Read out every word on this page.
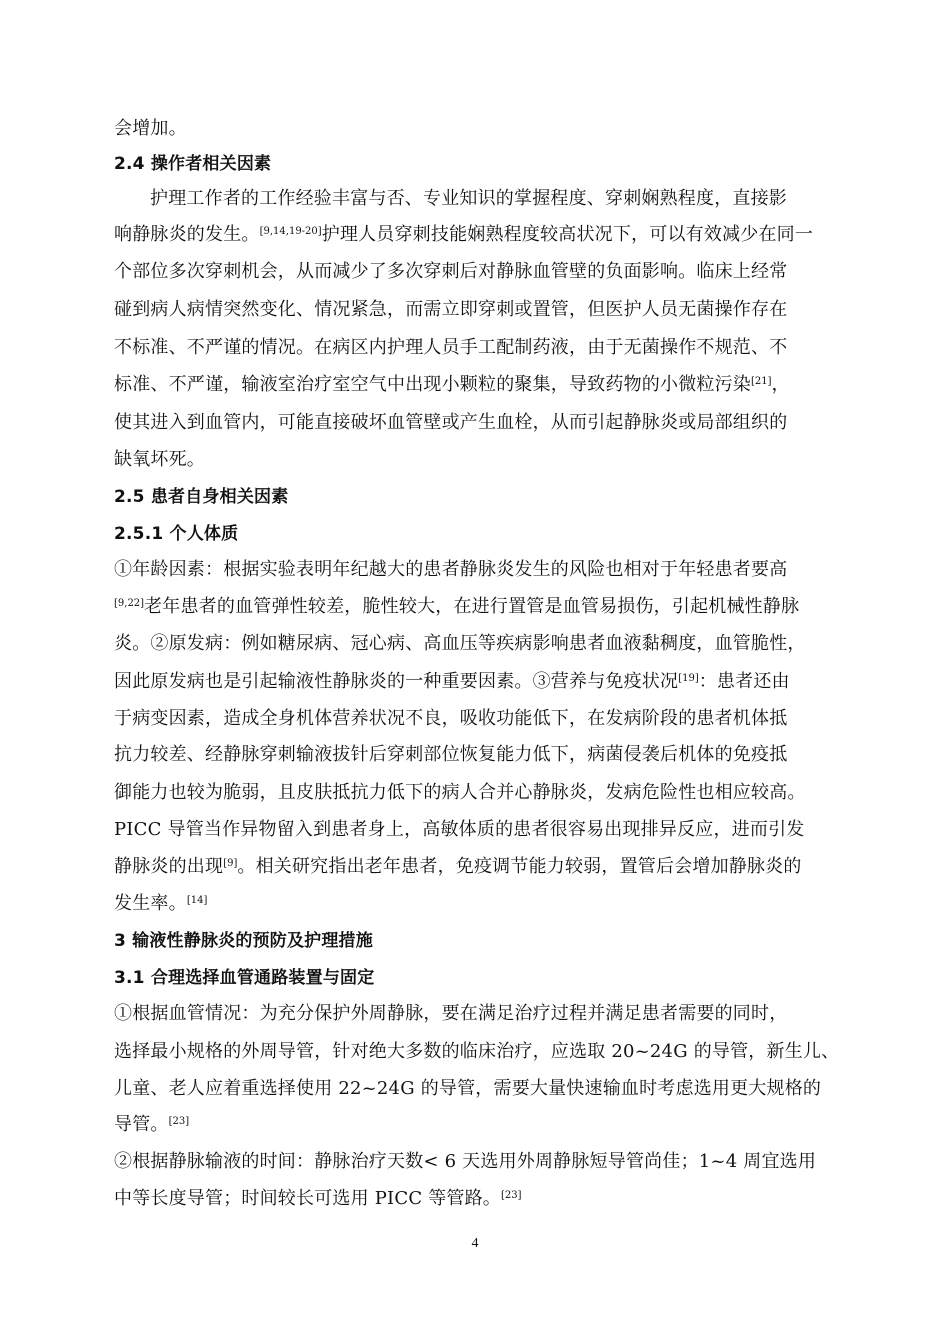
会增加。
2.4 操作者相关因素
护理工作者的工作经验丰富与否、专业知识的掌握程度、穿刺娴熟程度，直接影
响静脉炎的发生。[9,14,19-20]护理人员穿刺技能娴熟程度较高状况下，可以有效减少在同一
个部位多次穿刺机会，从而减少了多次穿刺后对静脉血管壁的负面影响。临床上经常
碰到病人病情突然变化、情况紧急，而需立即穿刺或置管，但医护人员无菌操作存在
不标准、不严谨的情况。在病区内护理人员手工配制药液，由于无菌操作不规范、不
标准、不严谨，输液室治疗室空气中出现小颗粒的聚集，导致药物的小微粒污染[21]，
使其进入到血管内，可能直接破坏血管壁或产生血栓，从而引起静脉炎或局部组织的
缺氧坏死。
2.5 患者自身相关因素
2.5.1 个人体质
①年龄因素：根据实验表明年纪越大的患者静脉炎发生的风险也相对于年轻患者要高
[9,22]老年患者的血管弹性较差，脆性较大，在进行置管是血管易损伤，引起机械性静脉
炎。②原发病：例如糖尿病、冠心病、高血压等疾病影响患者血液黏稠度，血管脆性，
因此原发病也是引起输液性静脉炎的一种重要因素。③营养与免疫状况[19]：患者还由
于病变因素，造成全身机体营养状况不良，吸收功能低下，在发病阶段的患者机体抵
抗力较差、经静脉穿刺输液拔针后穿刺部位恢复能力低下，病菌侵袭后机体的免疫抵
御能力也较为脆弱，且皮肤抵抗力低下的病人合并心静脉炎，发病危险性也相应较高。
PICC 导管当作异物留入到患者身上，高敏体质的患者很容易出现排异反应，进而引发
静脉炎的出现[9]。相关研究指出老年患者，免疫调节能力较弱，置管后会增加静脉炎的
发生率。[14]
3 输液性静脉炎的预防及护理措施
3.1 合理选择血管通路装置与固定
①根据血管情况：为充分保护外周静脉，要在满足治疗过程并满足患者需要的同时，
选择最小规格的外周导管，针对绝大多数的临床治疗，应选取 20~24G 的导管，新生儿、
儿童、老人应着重选择使用 22~24G 的导管，需要大量快速输血时考虑选用更大规格的
导管。[23]
②根据静脉输液的时间：静脉治疗天数< 6 天选用外周静脉短导管尚佳；1~4 周宜选用
中等长度导管；时间较长可选用 PICC 等管路。[23]
4
